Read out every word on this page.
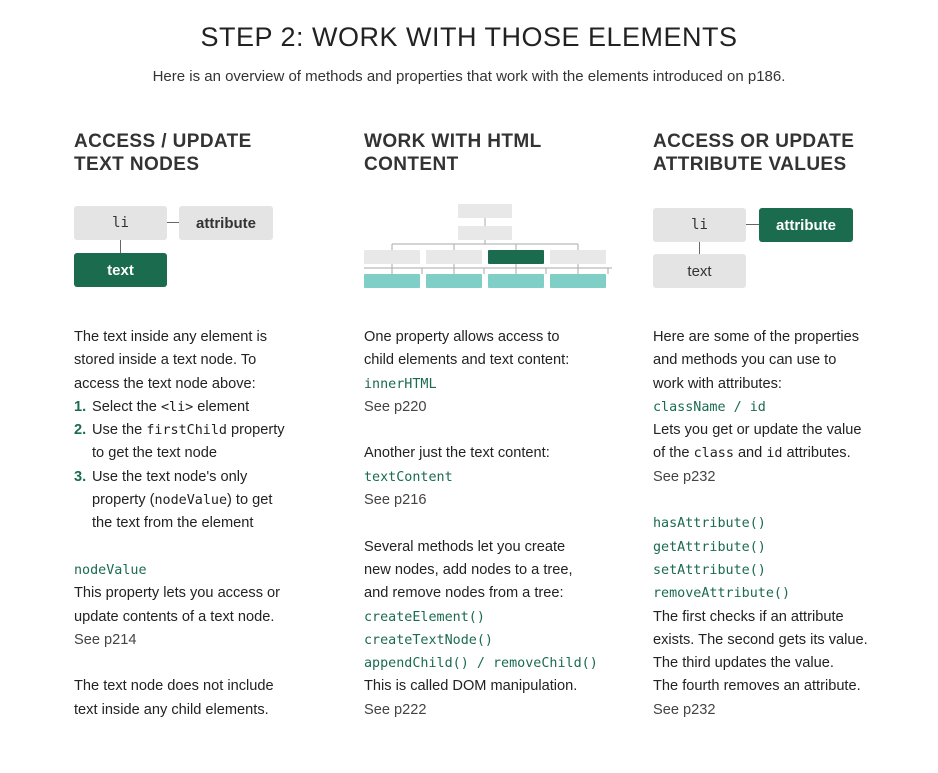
STEP 2: WORK WITH THOSE ELEMENTS
Here is an overview of methods and properties that work with the elements introduced on p186.
ACCESS / UPDATE
TEXT NODES
li	attribute
text

The text inside any element is

stored inside a text node. To

access the text node above:

1. Select the <li> element
2. Use the firstChild property
to get the text node
3. Use the text node's only
property (nodeValue) to get
the text from the element

nodeValue

This property lets you access or

update contents of a text node.

See p214

The text node does not include

text inside any child elements.

WORK WITH HTML
CONTENT

One property allows access to

child elements and text content:

innerHTML

See p220

Another just the text content:

textContent

See p216

Several methods let you create

new nodes, add nodes to a tree,

and remove nodes from a tree:

createElement()

createTextNode()

appendChild() / removeChild()

This is called DOM manipulation.

See p222

ACCESS OR UPDATE
ATTRIBUTE VALUES
li	attribute
text

Here are some of the properties

and methods you can use to

work with attributes:

className / id

Lets you get or update the value

of the class and id attributes.

See p232

hasAttribute()

getAttribute()

setAttribute()

removeAttribute()

The first checks if an attribute

exists. The second gets its value.

The third updates the value.

The fourth removes an attribute.

See p232
